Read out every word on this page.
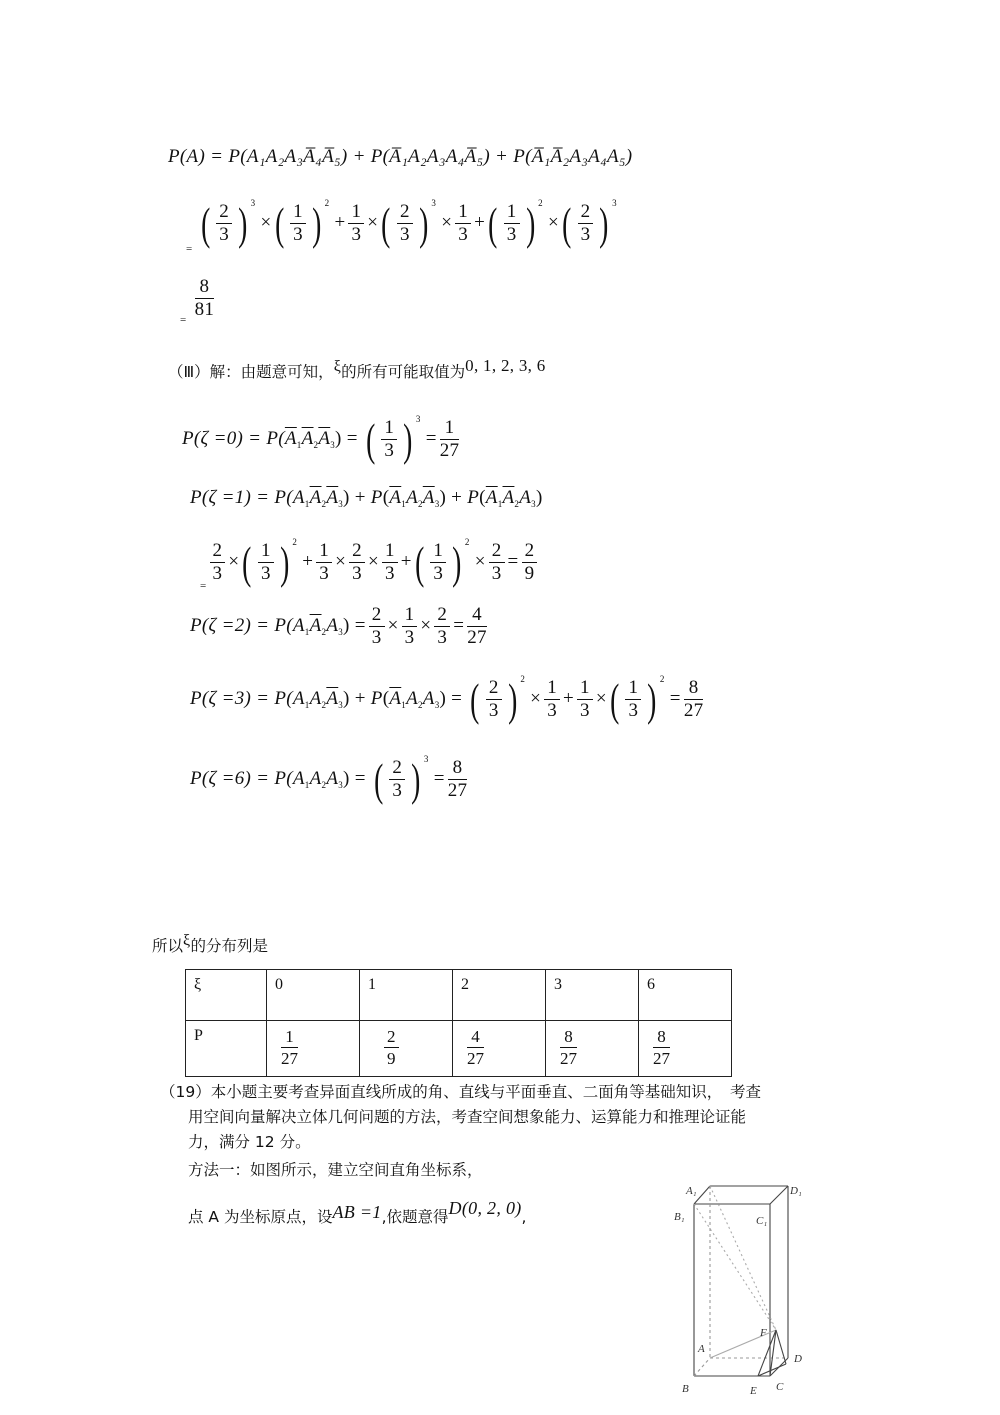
P(A) = P(A₁A₂A₃A̅₄A̅₅) + P(A̅₁A₂A₃A₄A̅₅) + P(A̅₁A̅₂A₃A₄A₅)
$_=$ ( $\frac{2}{3}$ ) $^3$ ×( $\frac{1}{3}$ ) $^2 + \frac{1}{3}$ ×( $\frac{2}{3}$ ) $^3 \times \frac{1}{3}$ +( $\frac{1}{3}$ ) $^2$ ×( $\frac{2}{3}$ ) $^3$
$_= \frac{8}{81}$
（Ⅲ）解：由题意可知，ξ的所有可能取值为0, 1, 2, 3, 6
$P(\zeta =0) = P(\overline{A}_1\overline{A}_2\overline{A}_3)$ = ( $\frac{1}{3}$ ) $^3 = \frac{1}{27}$
$P(\zeta =1) = P(A_1\overline{A}_2\overline{A}_3) + P(\overline{A}_1A_2\overline{A}_3) + P(\overline{A}_1\overline{A}_2A_3)$
$_=$
$\frac{2}{3}$ ×( $\frac{1}{3}$ ) $^2 + \frac{1}{3} \times \frac{2}{3} \times \frac{1}{3}$ +( $\frac{1}{3}$ ) $^2 \times \frac{2}{3} = \frac{2}{9}$
$P(\zeta =2) = P(A_1\overline{A}_2A_3) = \frac{2}{3} \times \frac{1}{3} \times \frac{2}{3} = \frac{4}{27}$
$P(\zeta =3) = P(A_1A_2\overline{A}_3) + P(\overline{A}_1A_2A_3)$ = ( $\frac{2}{3}$ ) $^2 \times \frac{1}{3} + \frac{1}{3}$ ×( $\frac{1}{3}$ ) $^2 = \frac{8}{27}$
$P(\zeta =6) = P(A_1A_2A_3)$ = ( $\frac{2}{3}$ ) $^3 = \frac{8}{27}$
所以ξ的分布列是
ξ	0	1	2	3	6
P	$\frac{1}{27}$	$\frac{2}{9}$	$\frac{4}{27}$	$\frac{8}{27}$	$\frac{8}{27}$
（19）本小题主要考查异面直线所成的角、直线与平面垂直、二面角等基础知识，　考查
用空间向量解决立体几何问题的方法，考查空间想象能力、运算能力和推理论证能
力，满分 12 分。
方法一：如图所示，建立空间直角坐标系，
点 A 为坐标原点，设AB =1,依题意得D(0, 2, 0),
A₁	D₁
B₁	C₁
F
A
D
B	E C
